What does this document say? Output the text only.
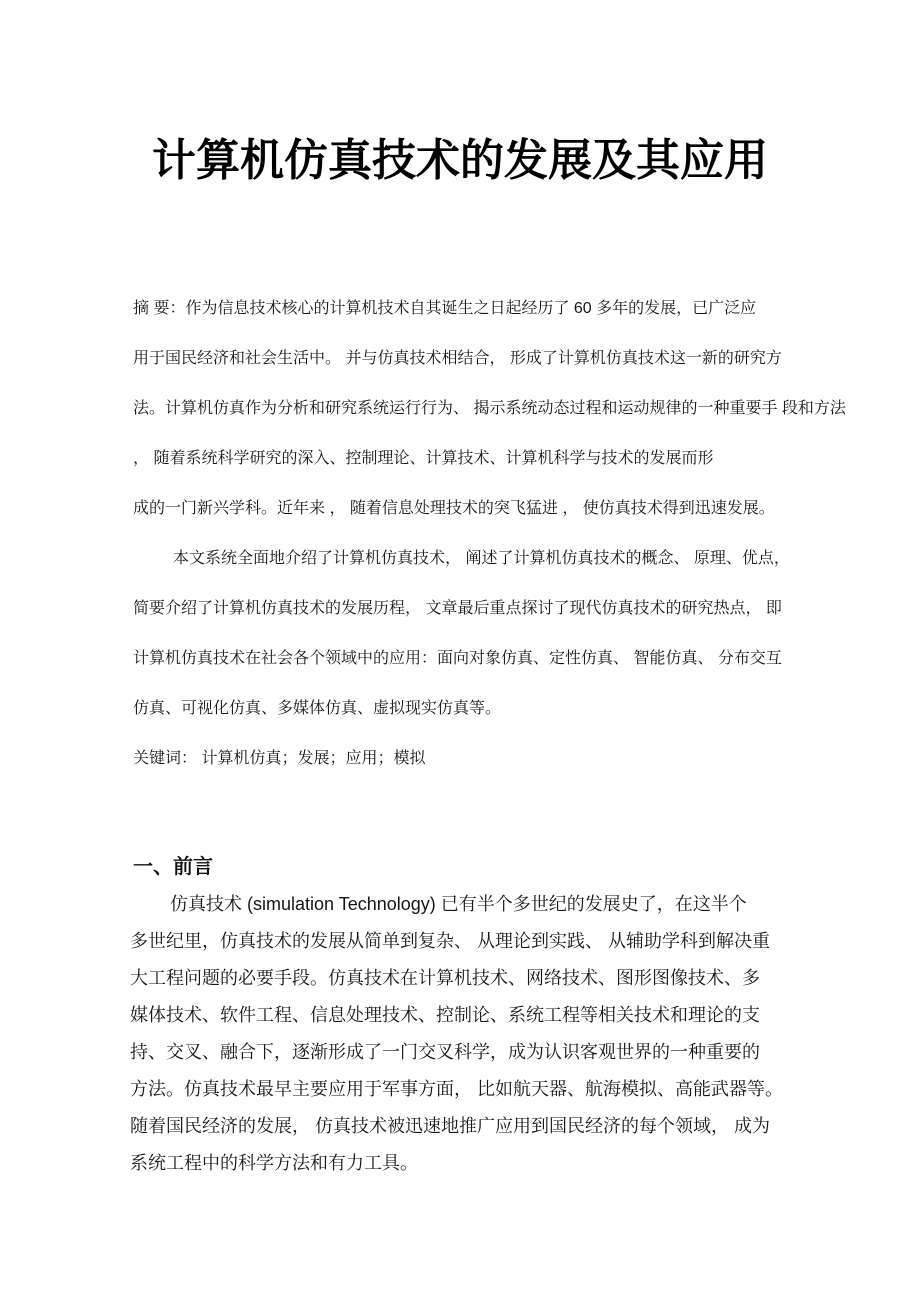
计算机仿真技术的发展及其应用
摘 要：作为信息技术核心的计算机技术自其诞生之日起经历了 60 多年的发展，已广泛应
用于国民经济和社会生活中。 并与仿真技术相结合， 形成了计算机仿真技术这一新的研究方
法。计算机仿真作为分析和研究系统运行行为、 揭示系统动态过程和运动规律的一种重要手 段和方法
， 随着系统科学研究的深入、控制理论、计算技术、计算机科学与技术的发展而形
成的一门新兴学科。近年来 ， 随着信息处理技术的突飞猛进 ， 使仿真技术得到迅速发展。
本文系统全面地介绍了计算机仿真技术， 阐述了计算机仿真技术的概念、 原理、优点，
简要介绍了计算机仿真技术的发展历程， 文章最后重点探讨了现代仿真技术的研究热点， 即
计算机仿真技术在社会各个领域中的应用：面向对象仿真、定性仿真、 智能仿真、 分布交互
仿真、可视化仿真、多媒体仿真、虚拟现实仿真等。
关键词： 计算机仿真；发展；应用；模拟
一、前言
仿真技术 (simulation Technology) 已有半个多世纪的发展史了，在这半个
多世纪里，仿真技术的发展从简单到复杂、 从理论到实践、 从辅助学科到解决重
大工程问题的必要手段。仿真技术在计算机技术、网络技术、图形图像技术、多
媒体技术、软件工程、信息处理技术、控制论、系统工程等相关技术和理论的支
持、交叉、融合下，逐渐形成了一门交叉科学，成为认识客观世界的一种重要的
方法。仿真技术最早主要应用于军事方面， 比如航天器、航海模拟、高能武器等。
随着国民经济的发展， 仿真技术被迅速地推广应用到国民经济的每个领域， 成为
系统工程中的科学方法和有力工具。
